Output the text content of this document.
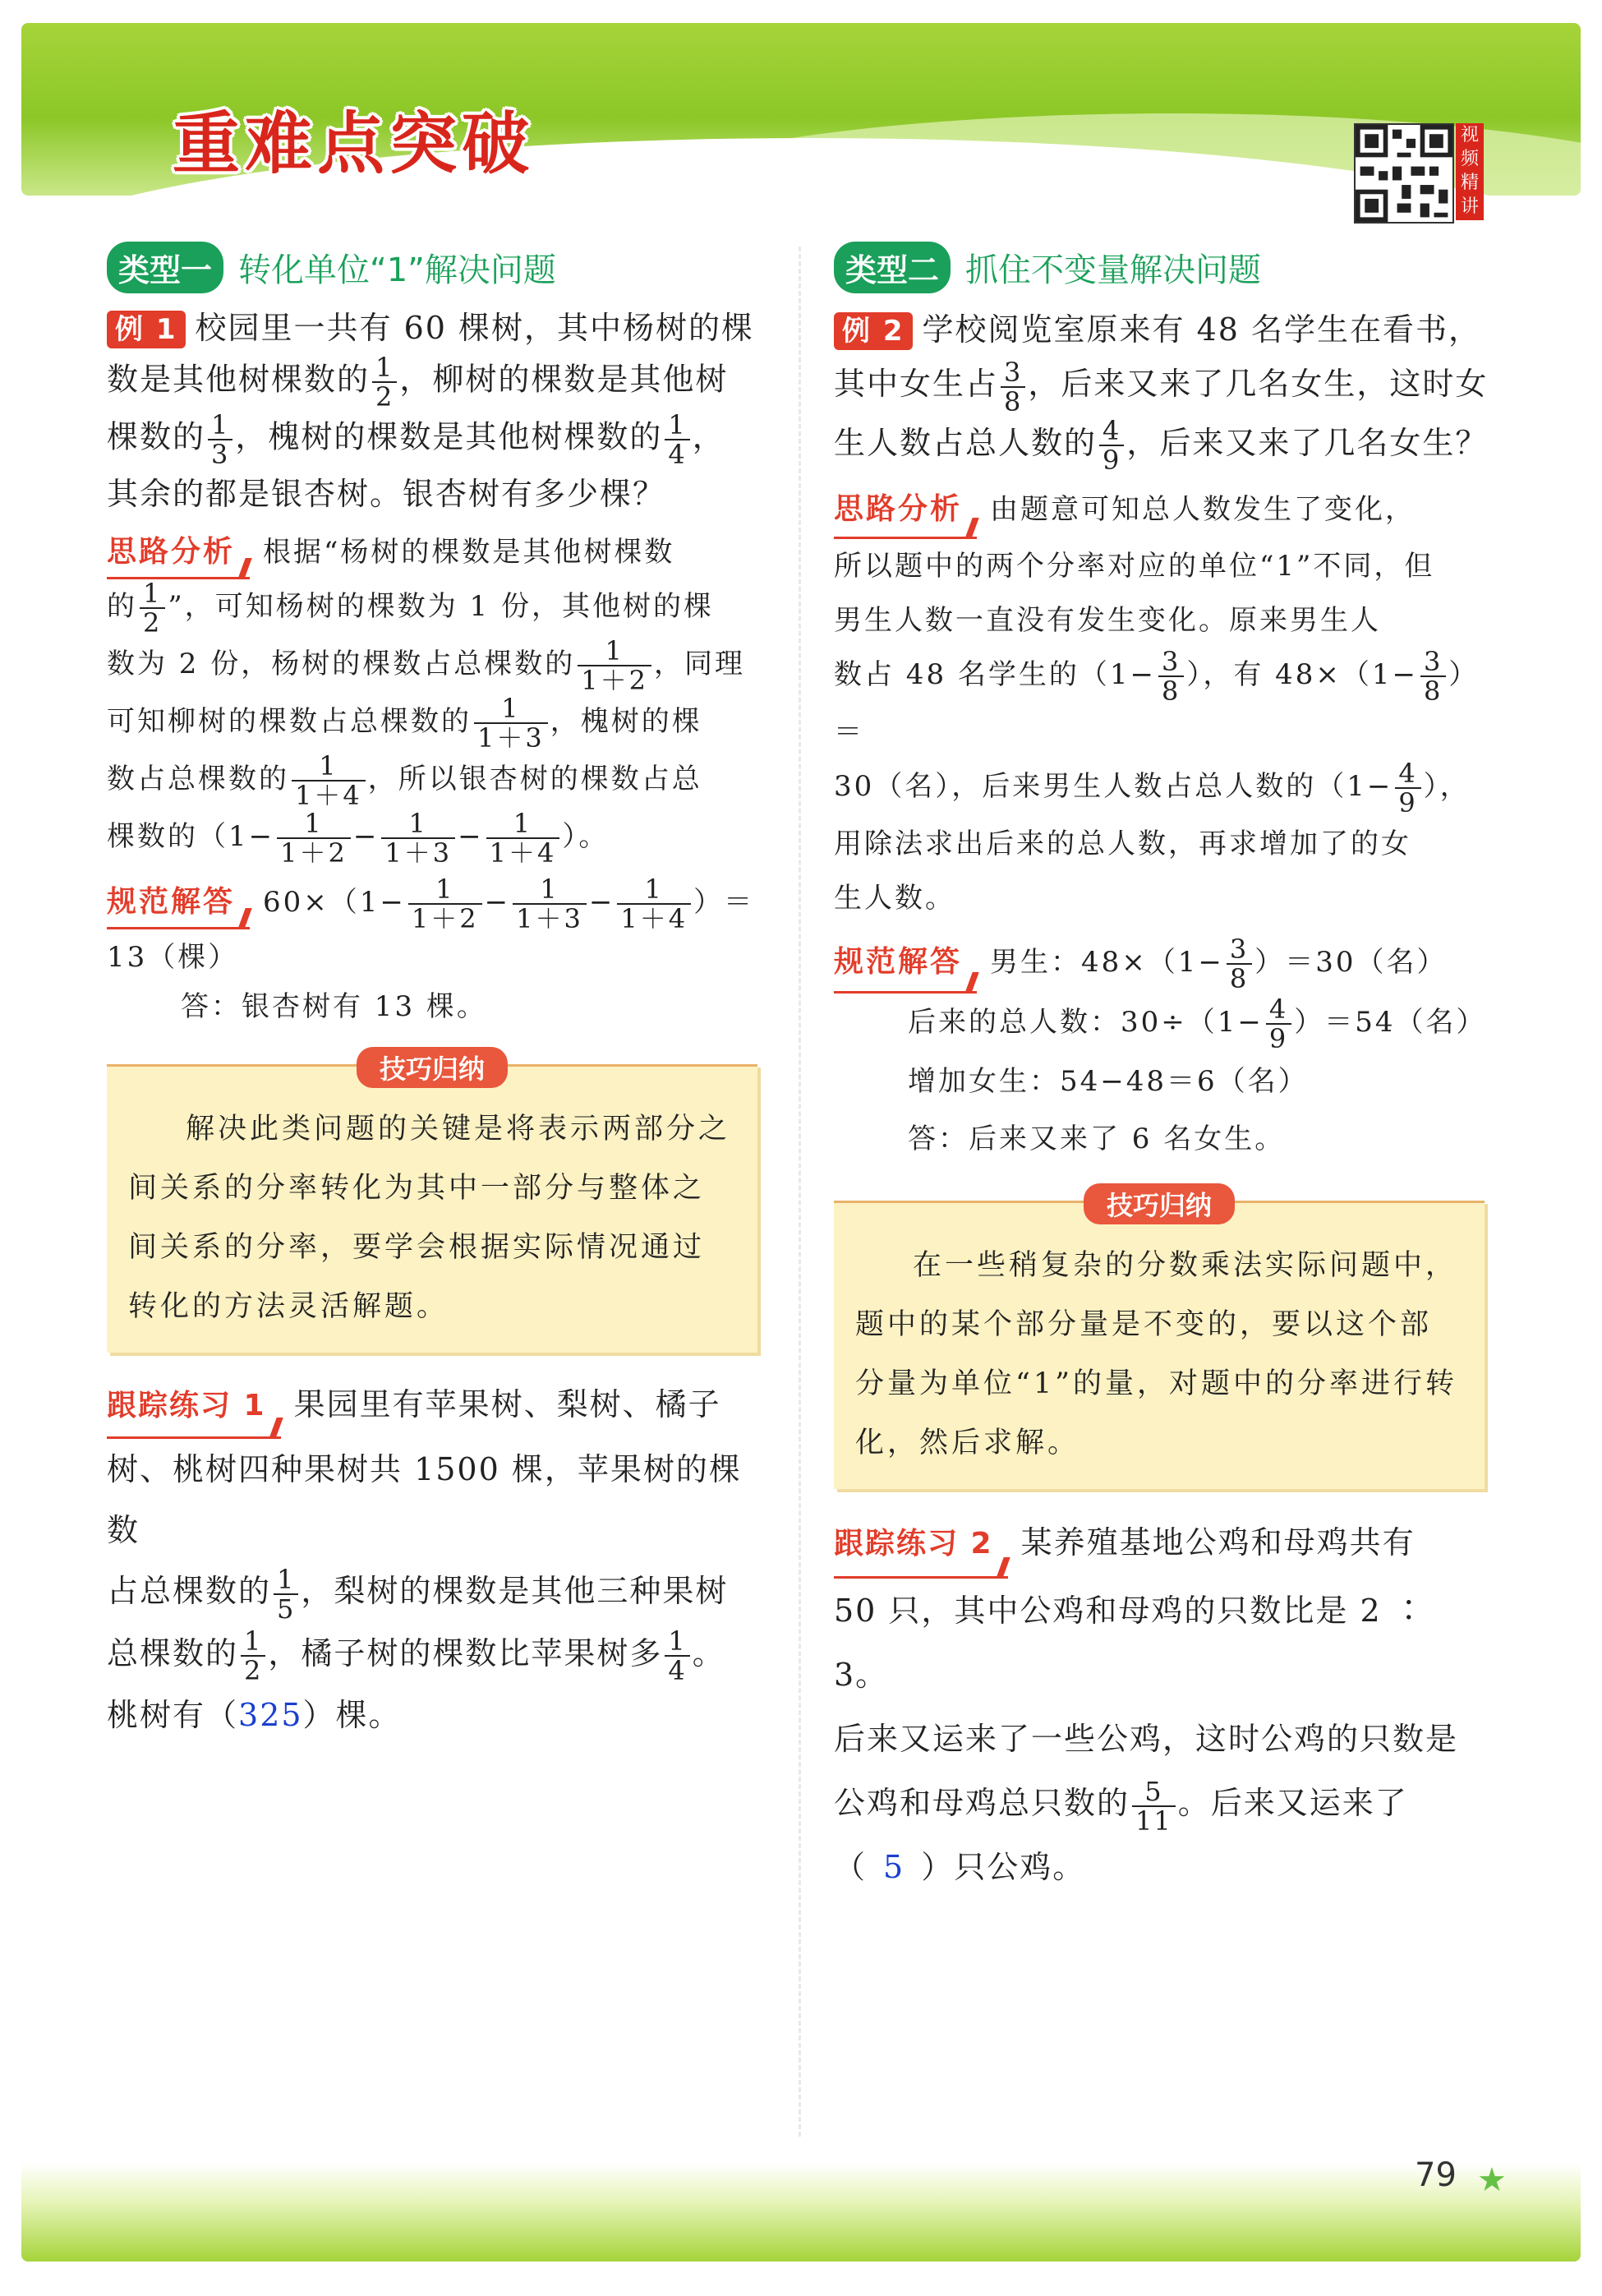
重难点突破	视频精讲
类型一 转化单位“1”解决问题

例 1 校园里一共有 60 棵树，其中杨树的棵
数是其他树棵数的 $\frac{1}{2}$ ，柳树的棵数是其他树
棵数的 $\frac{1}{3}$ ，槐树的棵数是其他树棵数的 $\frac{1}{4}$ ，
其余的都是银杏树。银杏树有多少棵？

思路分析 根据“杨树的棵数是其他树棵数
的 $\frac{1}{2}$ ”，可知杨树的棵数为 1 份，其他树的棵
数为 2 份，杨树的棵数占总棵数的 $\frac{1}{1+2}$ ，同理
可知柳树的棵数占总棵数的 $\frac{1}{1+3}$ ，槐树的棵
数占总棵数的 $\frac{1}{1+4}$ ，所以银杏树的棵数占总
棵数的（$1- \frac{1}{1+2} - \frac{1}{1+3} - \frac{1}{1+4}$ ）。

规范解答 $60\times(1- \frac{1}{1+2} - \frac{1}{1+3} - \frac{1}{1+4}$ ）＝
13（棵）
答：银杏树有 13 棵。

技巧归纳

解决此类问题的关键是将表示两部分之间关系的分率转化为其中一部分与整体之间关系的分率，要学会根据实际情况通过转化的方法灵活解题。

跟踪练习 1 果园里有苹果树、梨树、橘子
树、桃树四种果树共 1500 棵，苹果树的棵数
占总棵数的 $\frac{1}{5}$ ，梨树的棵数是其他三种果树
总棵数的 $\frac{1}{2}$ ，橘子树的棵数比苹果树多 $\frac{1}{4}$ 。
桃树有（325）棵。

类型二 抓住不变量解决问题

例 2 学校阅览室原来有 48 名学生在看书，
其中女生占 $\frac{3}{8}$ ，后来又来了几名女生，这时女
生人数占总人数的 $\frac{4}{9}$ ，后来又来了几名女生？

思路分析 由题意可知总人数发生了变化，
所以题中的两个分率对应的单位“1”不同，但
男生人数一直没有发生变化。原来男生人
数占 48 名学生的（$1- \frac{3}{8}$ ），有 $48\times(1- \frac{3}{8}$ ）＝
30（名），后来男生人数占总人数的（$1- \frac{4}{9}$ ），
用除法求出后来的总人数，再求增加了的女
生人数。

规范解答 男生：$48\times(1- \frac{3}{8} )=30$（名）
后来的总人数：$30\div(1- \frac{4}{9} )=54$（名）
增加女生：54−48＝6（名）
答：后来又来了 6 名女生。

技巧归纳

在一些稍复杂的分数乘法实际问题中，题中的某个部分量是不变的，要以这个部分量为单位“1”的量，对题中的分率进行转化，然后求解。

跟踪练习 2 某养殖基地公鸡和母鸡共有
50 只，其中公鸡和母鸡的只数比是 2 ∶ 3。
后来又运来了一些公鸡，这时公鸡的只数是
公鸡和母鸡总只数的 $\frac{5}{11}$ 。后来又运来了
（ 5 ）只公鸡。

79 ★
